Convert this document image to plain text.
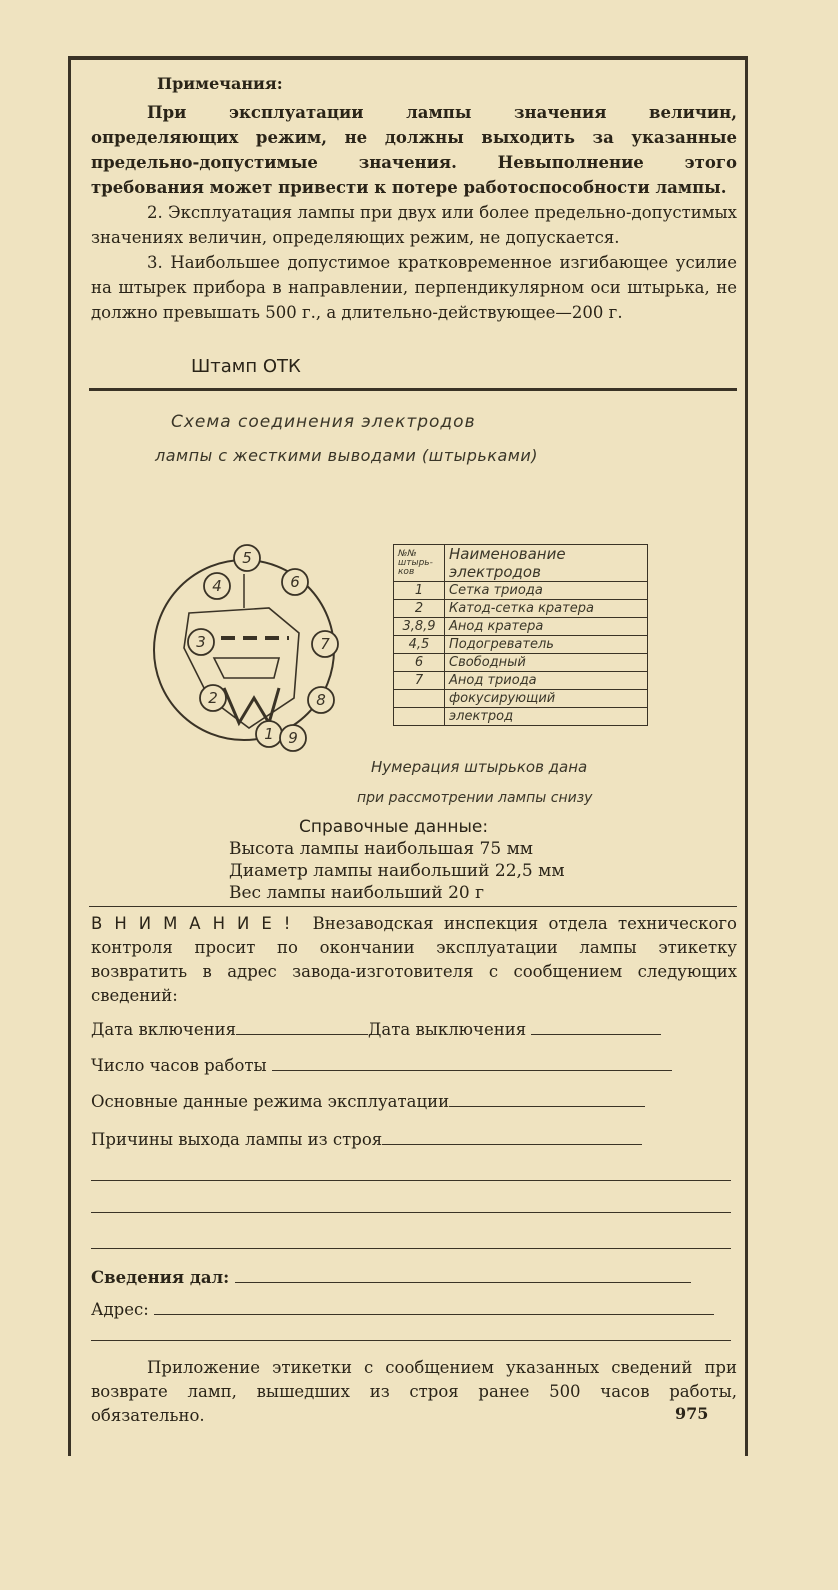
Примечания:

При эксплуатации лампы значения величин, определяющих режим, не должны выходить за указанные предельно-допустимые значения. Невыполнение этого требования может привести к потере работоспособности лампы.

2. Эксплуатация лампы при двух или более предельно-допустимых значениях величин, определяющих режим, не допускается.

3. Наибольшее допустимое кратковременное изгибающее усилие на штырек прибора в направлении, перпендикулярном оси штырька, не должно превышать 500 г., а длительно-действующее—200 г.

Штамп ОТК
Схема соединения электродов
лампы с жесткими выводами (штырьками)
1
2
3
4
5
6
7
8
9
№№ штырь-ков	Наименование электродов
1	Сетка триода
2	Катод-сетка кратера
3,8,9	Анод кратера
4,5	Подогреватель
6	Свободный
7	Анод триода
	фокусирующий
	электрод
Нумерация штырьков дана
при рассмотрении лампы снизу
Справочные данные:
Высота лампы наибольшая 75 мм
Диаметр лампы наибольший 22,5 мм
Вес лампы наибольший 20 г
ВНИМАНИЕ! Внезаводская инспекция отдела технического контроля просит по окончании эксплуатации лампы этикетку возвратить в адрес завода-изготовителя с сообщением следующих сведений:
Дата включения	Дата выключения
Число часов работы
Основные данные режима эксплуатации
Причины выхода лампы из строя
Сведения дал:
Адрес:

Приложение этикетки с сообщением указанных сведений при возврате ламп, вышедших из строя ранее 500 часов работы, обязательно.	975
